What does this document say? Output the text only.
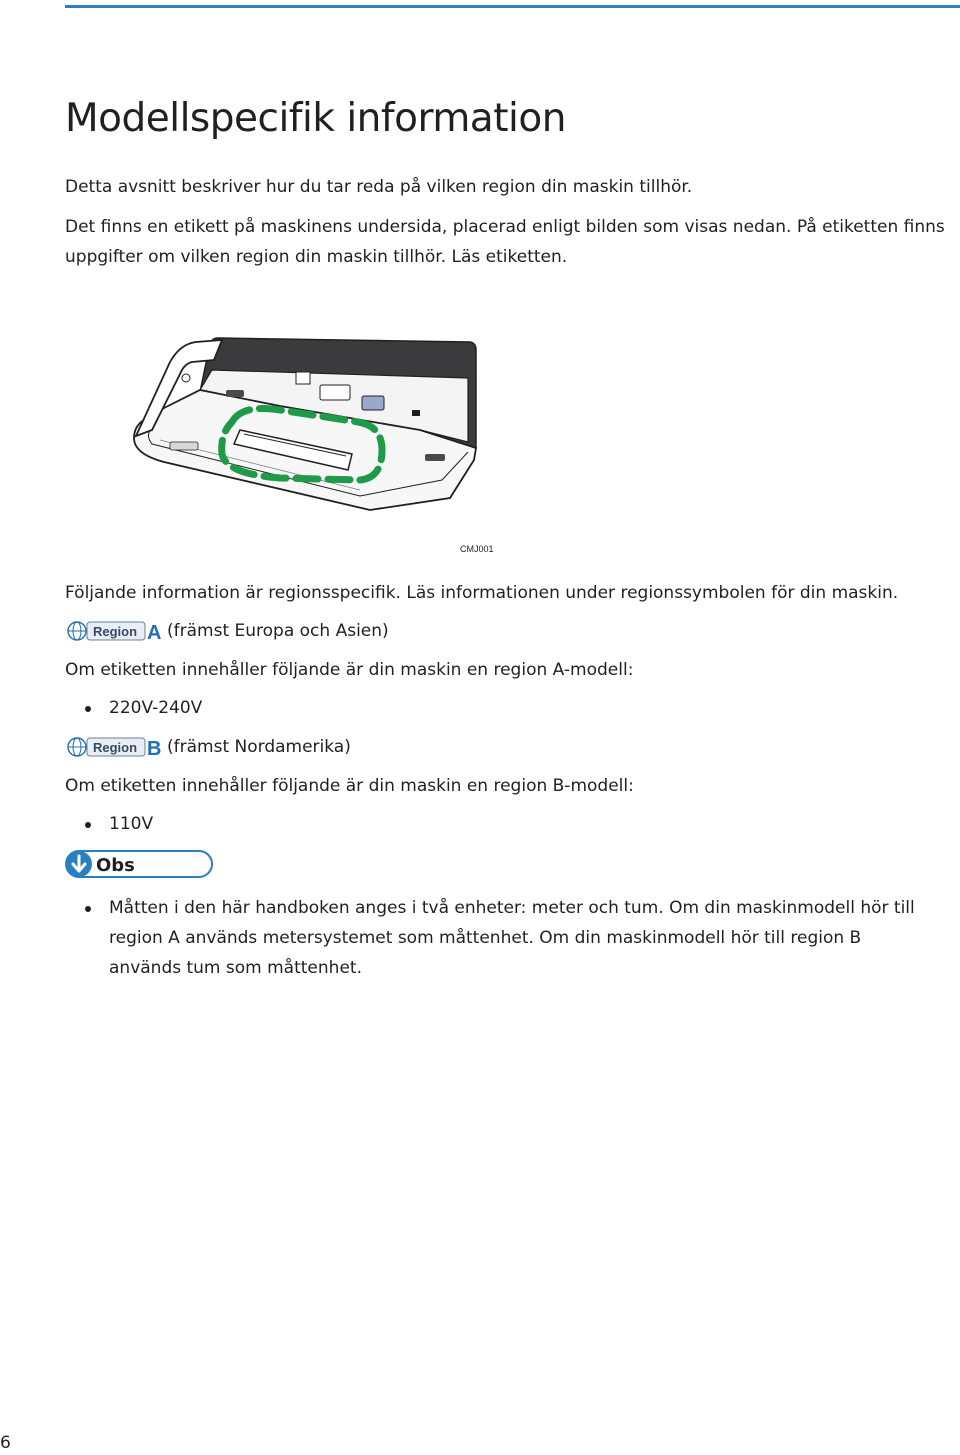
Modellspecifik information

Detta avsnitt beskriver hur du tar reda på vilken region din maskin tillhör.

Det finns en etikett på maskinens undersida, placerad enligt bilden som visas nedan. På etiketten finns
uppgifter om vilken region din maskin tillhör. Läs etiketten.
CMJ001

Följande information är regionsspecifik. Läs informationen under regionssymbolen för din maskin.

Region A (främst Europa och Asien)

Om etiketten innehåller följande är din maskin en region A-modell:

220V-240V
Region B (främst Nordamerika)

Om etiketten innehåller följande är din maskin en region B-modell:

110V
Obs
Måtten i den här handboken anges i två enheter: meter och tum. Om din maskinmodell hör till region A används metersystemet som måttenhet. Om din maskinmodell hör till region B används tum som måttenhet.
6
